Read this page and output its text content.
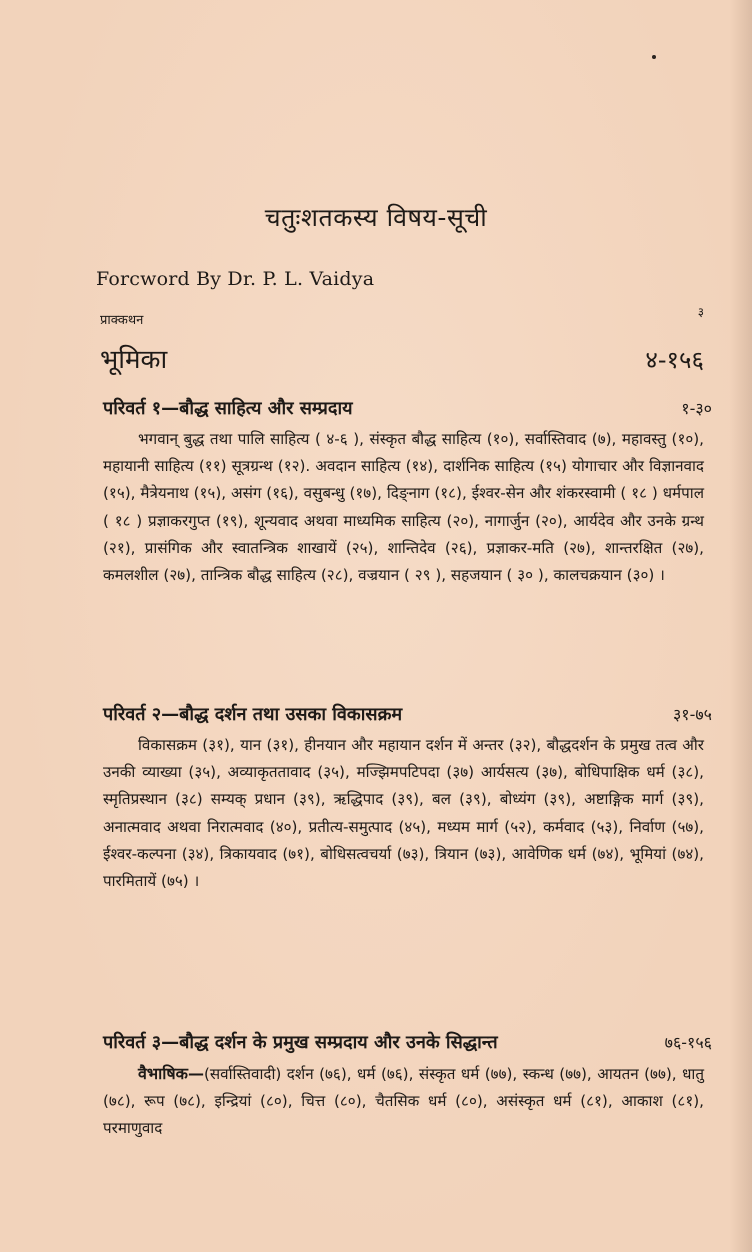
चतुःशतकस्य विषय-सूची
Forcword By Dr. P. L. Vaidya
प्राक्कथन
३
भूमिका	४-१५६
परिवर्त १—बौद्ध साहित्य और सम्प्रदाय	१-३०
भगवान् बुद्ध तथा पालि साहित्य ( ४-६ ), संस्कृत बौद्ध साहित्य (१०), सर्वास्तिवाद (७), महावस्तु (१०), महायानी साहित्य (११) सूत्रग्रन्थ (१२). अवदान साहित्य (१४), दार्शनिक साहित्य (१५) योगाचार और विज्ञानवाद (१५), मैत्रेयनाथ (१५), असंग (१६), वसुबन्धु (१७), दिङ्नाग (१८), ईश्वर-सेन और शंकरस्वामी ( १८ ) धर्मपाल ( १८ ) प्रज्ञाकरगुप्त (१९), शून्यवाद अथवा माध्यमिक साहित्य (२०), नागार्जुन (२०), आर्यदेव और उनके ग्रन्थ (२१), प्रासंगिक और स्वातन्त्रिक शाखायें (२५), शान्तिदेव (२६), प्रज्ञाकर-मति (२७), शान्तरक्षित (२७), कमलशील (२७), तान्त्रिक बौद्ध साहित्य (२८), वज्रयान ( २९ ), सहजयान ( ३० ), कालचक्रयान (३०) ।
परिवर्त २—बौद्ध दर्शन तथा उसका विकासक्रम	३१-७५
विकासक्रम (३१), यान (३१), हीनयान और महायान दर्शन में अन्तर (३२), बौद्धदर्शन के प्रमुख तत्व और उनकी व्याख्या (३५), अव्याकृततावाद (३५), मज्झिमपटिपदा (३७) आर्यसत्य (३७), बोधिपाक्षिक धर्म (३८), स्मृतिप्रस्थान (३८) सम्यक् प्रधान (३९), ऋद्धिपाद (३९), बल (३९), बोध्यंग (३९), अष्टाङ्गिक मार्ग (३९), अनात्मवाद अथवा निरात्मवाद (४०), प्रतीत्य-समुत्पाद (४५), मध्यम मार्ग (५२), कर्मवाद (५३), निर्वाण (५७), ईश्वर-कल्पना (३४), त्रिकायवाद (७१), बोधिसत्वचर्या (७३), त्रियान (७३), आवेणिक धर्म (७४), भूमियां (७४), पारमितायें (७५) ।
परिवर्त ३—बौद्ध दर्शन के प्रमुख सम्प्रदाय और उनके सिद्धान्त	७६-१५६
वैभाषिक—(सर्वास्तिवादी) दर्शन (७६), धर्म (७६), संस्कृत धर्म (७७), स्कन्ध (७७), आयतन (७७), धातु (७८), रूप (७८), इन्द्रियां (८०), चित्त (८०), चैतसिक धर्म (८०), असंस्कृत धर्म (८१), आकाश (८१), परमाणुवाद
